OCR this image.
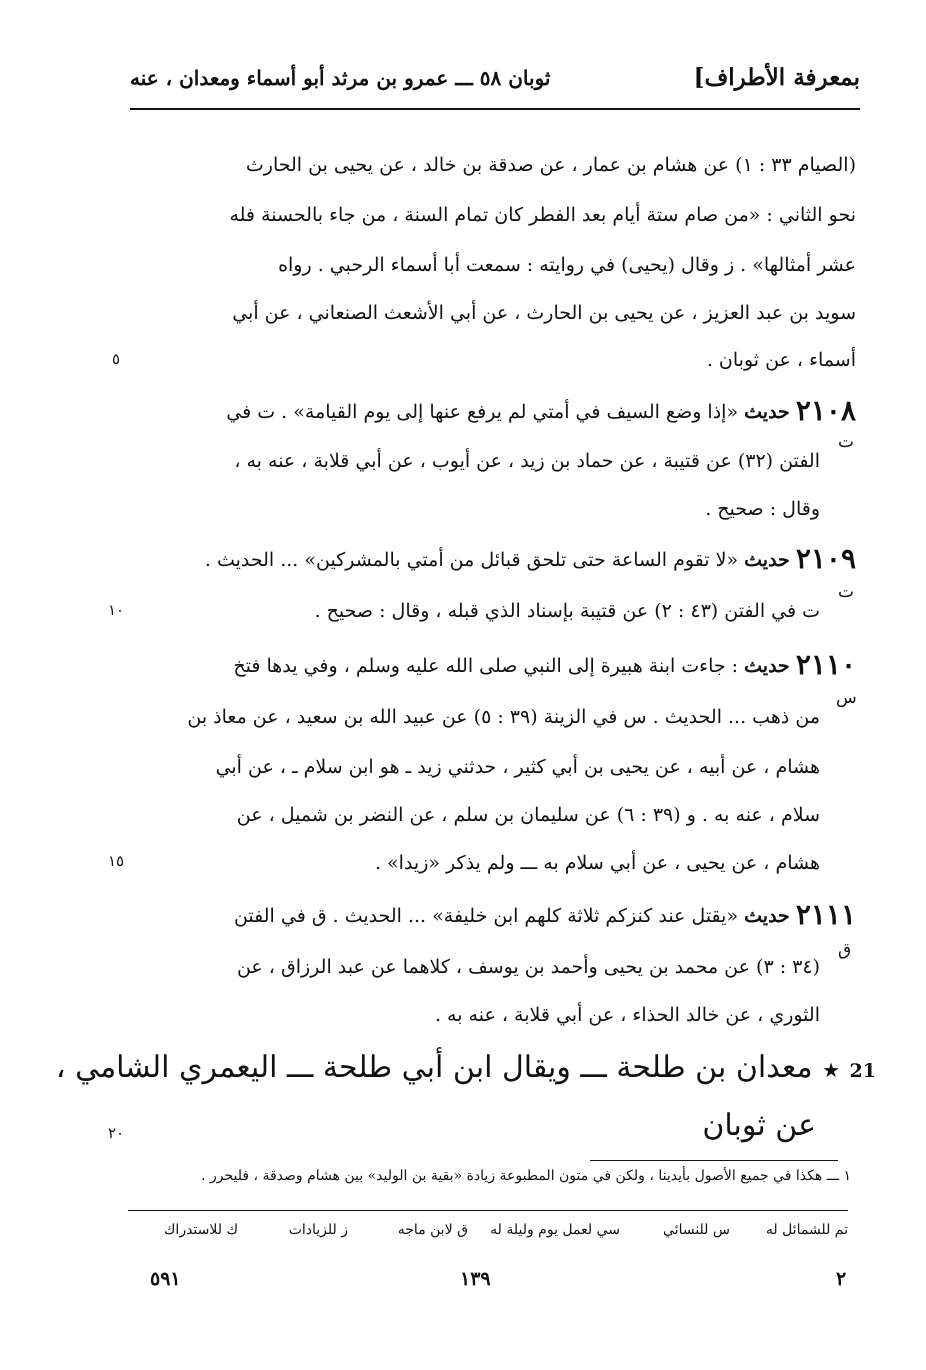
ثوبان ٥٨ ـــ عمرو بن مرثد أبو أسماء ومعدان ، عنه	بمعرفة الأطراف]
(الصيام ٣٣ : ١) عن هشام بن عمار ، عن صدقة بن خالد ، عن يحيى بن الحارث
نحو الثاني : «من صام ستة أيام بعد الفطر كان تمام السنة ، من جاء بالحسنة فله
عشر أمثالها» . ز وقال (يحيى) في روايته : سمعت أبا أسماء الرحبي . رواه
سويد بن عبد العزيز ، عن يحيى بن الحارث ، عن أبي الأشعث الصنعاني ، عن أبي
أسماء ، عن ثوبان .
٥
٢١٠٨ حديث «إذا وضع السيف في أمتي لم يرفع عنها إلى يوم القيامة» . ت في
ت
الفتن (٣٢) عن قتيبة ، عن حماد بن زيد ، عن أيوب ، عن أبي قلابة ، عنه به ،
وقال : صحيح .
٢١٠٩ حديث «لا تقوم الساعة حتى تلحق قبائل من أمتي بالمشركين» ... الحديث .
ت
ت في الفتن (٤٣ : ٢) عن قتيبة بإسناد الذي قبله ، وقال : صحيح .
١٠
٢١١٠ حديث : جاءت ابنة هبيرة إلى النبي صلى الله عليه وسلم ، وفي يدها فتخ
س
من ذهب ... الحديث . س في الزينة (٣٩ : ٥) عن عبيد الله بن سعيد ، عن معاذ بن
هشام ، عن أبيه ، عن يحيى بن أبي كثير ، حدثني زيد ـ هو ابن سلام ـ ، عن أبي
سلام ، عنه به . و (٣٩ : ٦) عن سليمان بن سلم ، عن النضر بن شميل ، عن
هشام ، عن يحيى ، عن أبي سلام به ـــ ولم يذكر «زيدا» .
١٥
٢١١١ حديث «يقتل عند كنزكم ثلاثة كلهم ابن خليفة» ... الحديث . ق في الفتن
ق
(٣٤ : ٣) عن محمد بن يحيى وأحمد بن يوسف ، كلاهما عن عبد الرزاق ، عن
الثوري ، عن خالد الحذاء ، عن أبي قلابة ، عنه به .
21 ★ معدان بن طلحة ـــ ويقال ابن أبي طلحة ـــ اليعمري الشامي ،
عن ثوبان
٢٠
١ ـــ هكذا في جميع الأصول بأيدينا ، ولكن في متون المطبوعة زيادة «بقية بن الوليد» بين هشام وصدقة ، فليحرر .
تم للشمائل له
س للنسائي
سي لعمل يوم وليلة له
ق لابن ماجه
ز للزيادات
ك للاستدراك
٥٩١	١٣٩	٢
